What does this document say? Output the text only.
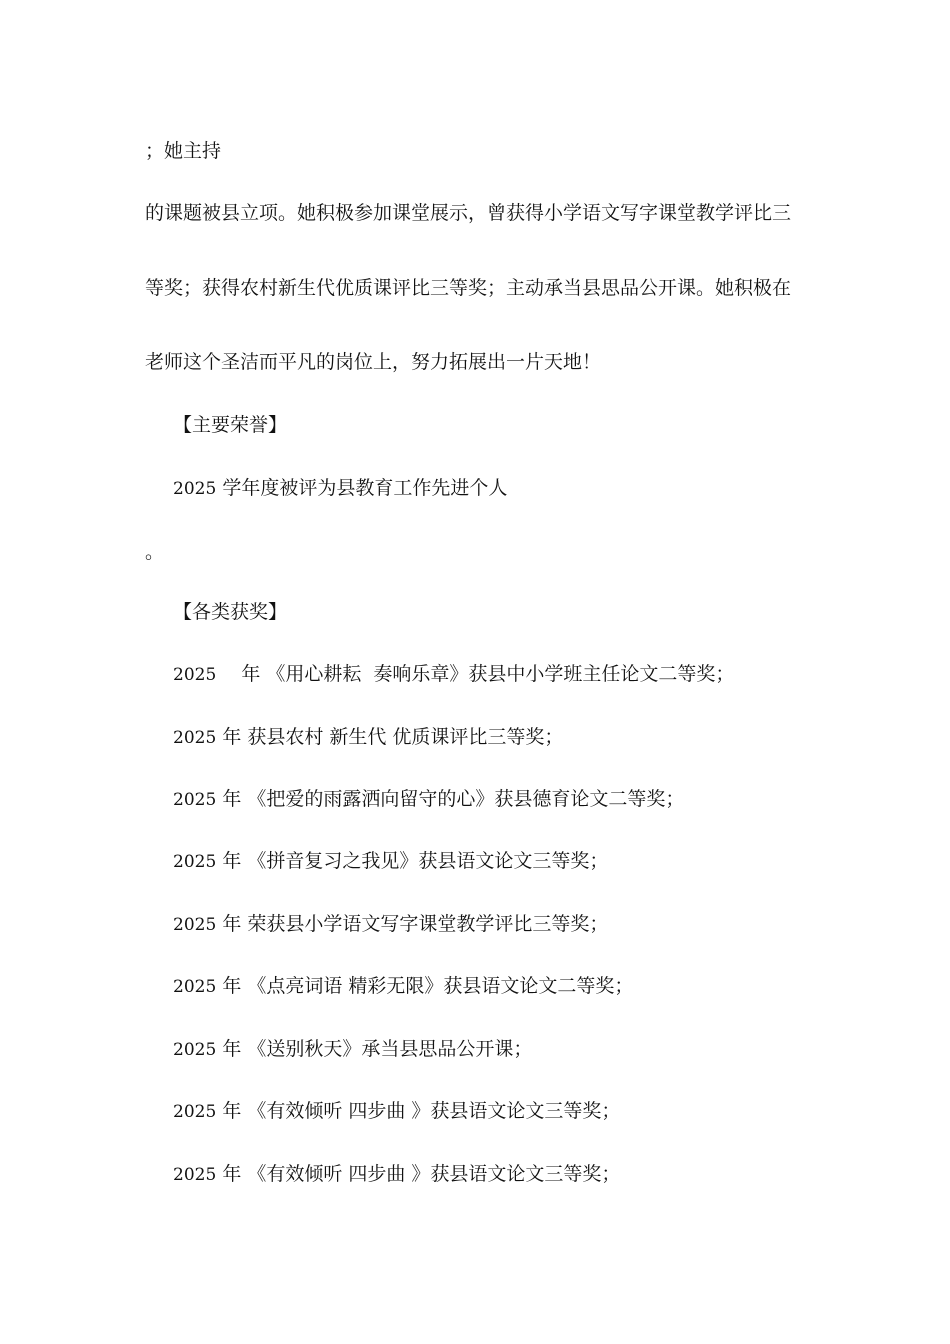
；她主持
的课题被县立项。她积极参加课堂展示，曾获得小学语文写字课堂教学评比三
等奖；获得农村新生代优质课评比三等奖；主动承当县思品公开课。她积极在
老师这个圣洁而平凡的岗位上，努力拓展出一片天地！
【主要荣誉】
2025 学年度被评为县教育工作先进个人
。
【各类获奖】
2025 　年 《用心耕耘  奏响乐章》获县中小学班主任论文二等奖；
2025 年 获县农村 新生代 优质课评比三等奖；
2025 年 《把爱的雨露洒向留守的心》获县德育论文二等奖；
2025 年 《拼音复习之我见》获县语文论文三等奖；
2025 年 荣获县小学语文写字课堂教学评比三等奖；
2025 年 《点亮词语 精彩无限》获县语文论文二等奖；
2025 年 《送别秋天》承当县思品公开课；
2025 年 《有效倾听 四步曲 》获县语文论文三等奖；
2025 年 《有效倾听 四步曲 》获县语文论文三等奖；
